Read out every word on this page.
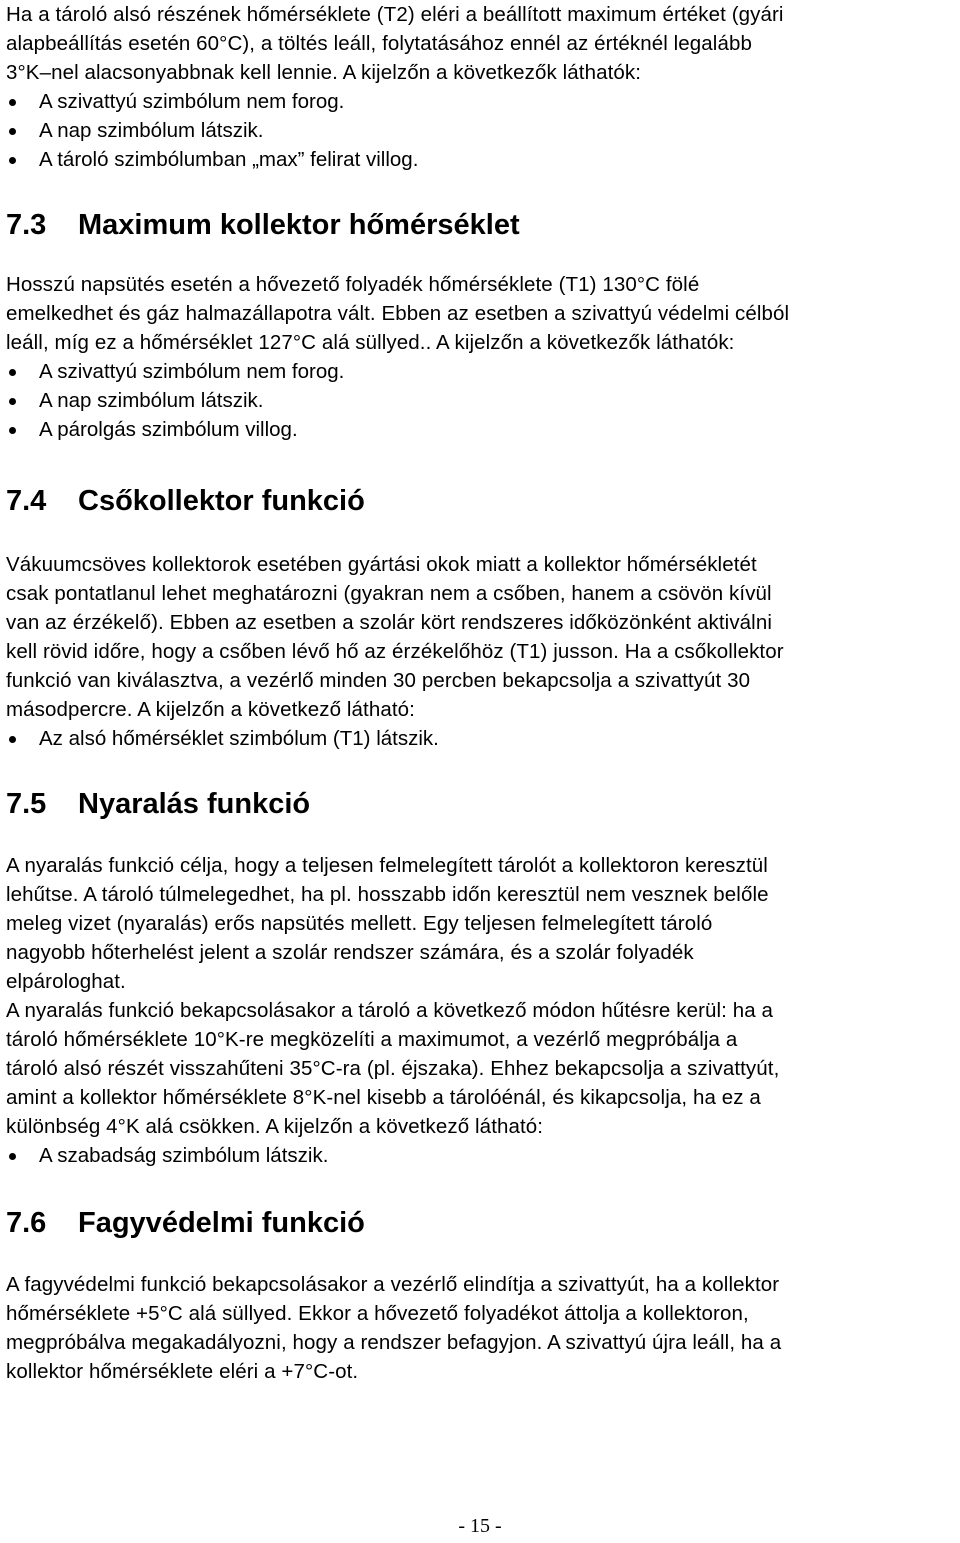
Ha a tároló alsó részének hőmérséklete (T2) eléri a beállított maximum értéket (gyári
alapbeállítás esetén 60°C), a töltés leáll, folytatásához ennél az értéknél legalább
3°K–nel alacsonyabbnak kell lennie. A kijelzőn a következők láthatók:
A szivattyú szimbólum nem forog.
A nap szimbólum látszik.
A tároló szimbólumban „max” felirat villog.
7.3 Maximum kollektor hőmérséklet
Hosszú napsütés esetén a hővezető folyadék hőmérséklete (T1) 130°C fölé
emelkedhet és gáz halmazállapotra vált. Ebben az esetben a szivattyú védelmi célból
leáll, míg ez a hőmérséklet 127°C alá süllyed.. A kijelzőn a következők láthatók:
A szivattyú szimbólum nem forog.
A nap szimbólum látszik.
A párolgás szimbólum villog.
7.4 Csőkollektor funkció
Vákuumcsöves kollektorok esetében gyártási okok miatt a kollektor hőmérsékletét
csak pontatlanul lehet meghatározni (gyakran nem a csőben, hanem a csövön kívül
van az érzékelő). Ebben az esetben a szolár kört rendszeres időközönként aktiválni
kell rövid időre, hogy a csőben lévő hő az érzékelőhöz (T1) jusson. Ha a csőkollektor
funkció van kiválasztva, a vezérlő minden 30 percben bekapcsolja a szivattyút 30
másodpercre. A kijelzőn a következő látható:
Az alsó hőmérséklet szimbólum (T1) látszik.
7.5 Nyaralás funkció
A nyaralás funkció célja, hogy a teljesen felmelegített tárolót a kollektoron keresztül
lehűtse. A tároló túlmelegedhet, ha pl. hosszabb időn keresztül nem vesznek belőle
meleg vizet (nyaralás) erős napsütés mellett. Egy teljesen felmelegített tároló
nagyobb hőterhelést jelent a szolár rendszer számára, és a szolár folyadék
elpárologhat.
A nyaralás funkció bekapcsolásakor a tároló a következő módon hűtésre kerül: ha a
tároló hőmérséklete 10°K-re megközelíti a maximumot, a vezérlő megpróbálja a
tároló alsó részét visszahűteni 35°C-ra (pl. éjszaka). Ehhez bekapcsolja a szivattyút,
amint a kollektor hőmérséklete 8°K-nel kisebb a tárolóénál, és kikapcsolja, ha ez a
különbség 4°K alá csökken. A kijelzőn a következő látható:
A szabadság szimbólum látszik.
7.6 Fagyvédelmi funkció
A fagyvédelmi funkció bekapcsolásakor a vezérlő elindítja a szivattyút, ha a kollektor
hőmérséklete +5°C alá süllyed. Ekkor a hővezető folyadékot áttolja a kollektoron,
megpróbálva megakadályozni, hogy a rendszer befagyjon. A szivattyú újra leáll, ha a
kollektor hőmérséklete eléri a +7°C-ot.
- 15 -
